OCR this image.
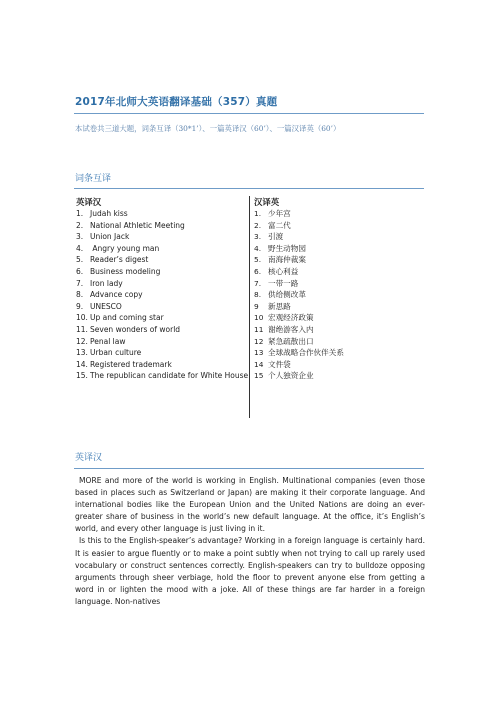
2017年北师大英语翻译基础（357）真题
本试卷共三道大题，词条互译（30*1’）、一篇英译汉（60’）、一篇汉译英（60’）
词条互译
英译汉
1. Judah kiss
2. National Athletic Meeting
3. Union Jack
4. Angry young man
5. Reader’s digest
6. Business modeling
7. Iron lady
8. Advance copy
9. UNESCO
10. Up and coming star
11. Seven wonders of world
12. Penal law
13. Urban culture
14. Registered trademark
15. The republican candidate for White House
汉译英
1. 少年宫
2. 富二代
3. 引渡
4. 野生动物园
5. 南海仲裁案
6. 核心利益
7. 一带一路
8. 供给侧改革
9	新思路
10 宏观经济政策
11 谢绝游客入内
12 紧急疏散出口
13 全球战略合作伙伴关系
14 文件袋
15 个人独资企业
英译汉

MORE and more of the world is working in English. Multinational companies (even those based in places such as Switzerland or Japan) are making it their corporate language. And international bodies like the European Union and the United Nations are doing an ever-greater share of business in the world’s new default language. At the office, it’s English’s world, and every other language is just living in it.

Is this to the English-speaker’s advantage? Working in a foreign language is certainly hard. It is easier to argue fluently or to make a point subtly when not trying to call up rarely used vocabulary or construct sentences correctly. English-speakers can try to bulldoze opposing arguments through sheer verbiage, hold the floor to prevent anyone else from getting a word in or lighten the mood with a joke. All of these things are far harder in a foreign language. Non-natives
